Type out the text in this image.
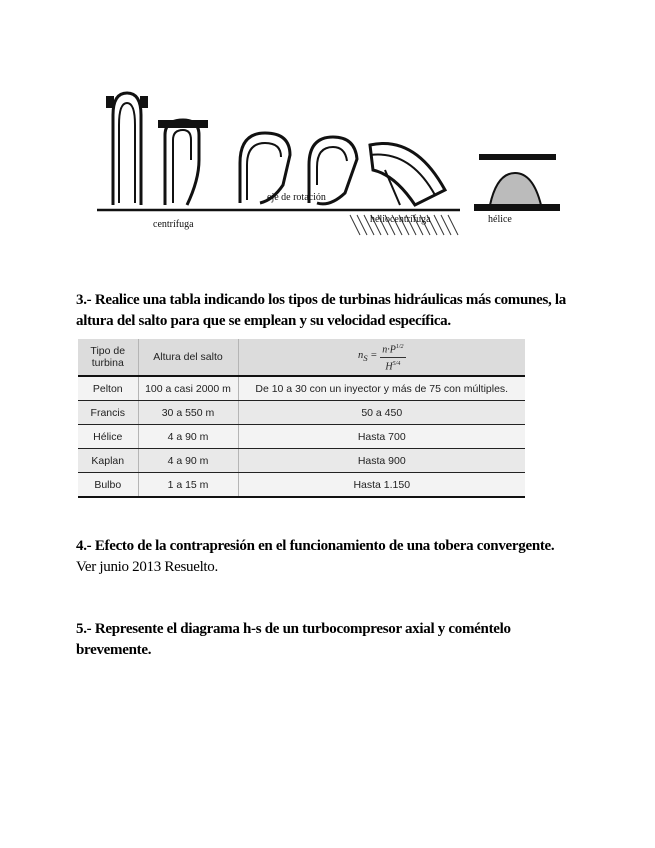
centrífuga
eje de rotación
heliocentrífuga	hélice
3.- Realice una tabla indicando los tipos de turbinas hidráulicas más comunes, la altura del salto para que se emplean y su velocidad específica.
Tipo de turbina	Altura del salto	$n_S = \frac{n\cdot P^{1/2}}{H^{5/4}}$

Pelton	100 a casi 2000 m	De 10 a 30 con un inyector y más de 75 con múltiples.
Francis	30 a 550 m	50 a 450
Hélice	4 a 90 m	Hasta 700
Kaplan	4 a 90 m	Hasta 900
Bulbo	1 a 15 m	Hasta 1.150
4.- Efecto de la contrapresión en el funcionamiento de una tobera convergente.
Ver junio 2013 Resuelto.
5.- Represente el diagrama h-s de un turbocompresor axial y coméntelo brevemente.
